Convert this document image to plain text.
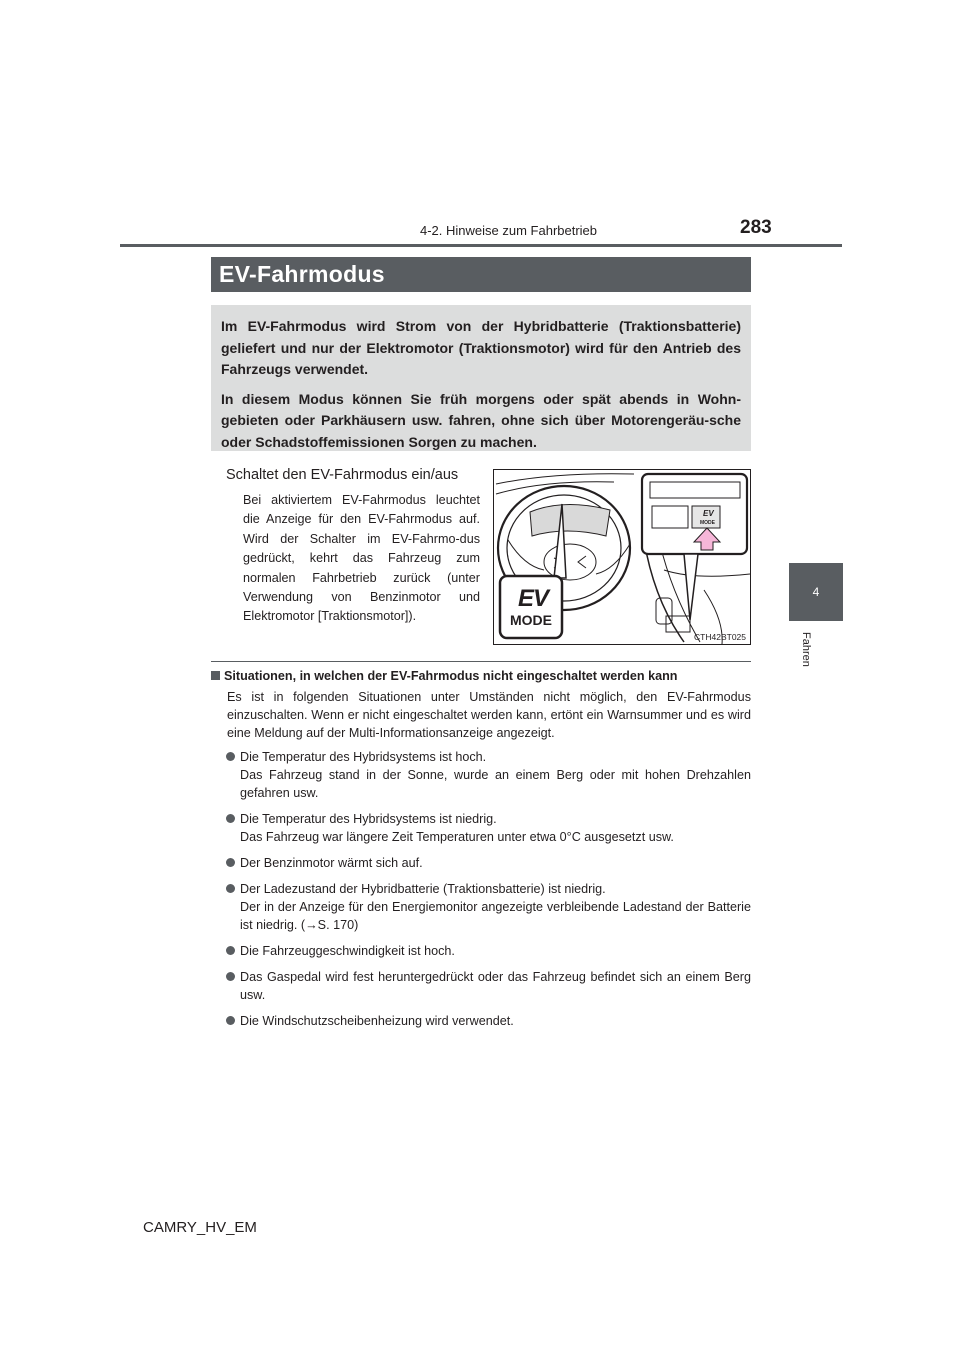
4-2. Hinweise zum Fahrbetrieb	283
4
Fahren
EV-Fahrmodus

Im EV-Fahrmodus wird Strom von der Hybridbatterie (Traktionsbatterie) geliefert und nur der Elektromotor (Traktionsmotor) wird für den Antrieb des Fahrzeugs verwendet.

In diesem Modus können Sie früh morgens oder spät abends in Wohn-gebieten oder Parkhäusern usw. fahren, ohne sich über Motorengeräu-sche oder Schadstoffemissionen Sorgen zu machen.

Schaltet den EV-Fahrmodus ein/aus
Bei aktiviertem EV-Fahrmodus leuchtet die Anzeige für den EV-Fahrmodus auf. Wird der Schalter im EV-Fahrmo-dus gedrückt, kehrt das Fahrzeug zum normalen Fahrbetrieb zurück (unter Verwendung von Benzinmotor und Elektromotor [Traktionsmotor]).
EV
MODE
EV
MODE
CTH42BT025
Situationen, in welchen der EV-Fahrmodus nicht eingeschaltet werden kann
Es ist in folgenden Situationen unter Umständen nicht möglich, den EV-Fahrmodus einzuschalten. Wenn er nicht eingeschaltet werden kann, ertönt ein Warnsummer und es wird eine Meldung auf der Multi-Informationsanzeige angezeigt.
Die Temperatur des Hybridsystems ist hoch.
Das Fahrzeug stand in der Sonne, wurde an einem Berg oder mit hohen Drehzahlen gefahren usw.
Die Temperatur des Hybridsystems ist niedrig.
Das Fahrzeug war längere Zeit Temperaturen unter etwa 0°C ausgesetzt usw.
Der Benzinmotor wärmt sich auf.
Der Ladezustand der Hybridbatterie (Traktionsbatterie) ist niedrig.
Der in der Anzeige für den Energiemonitor angezeigte verbleibende Ladestand der Batterie ist niedrig. (→S. 170)
Die Fahrzeuggeschwindigkeit ist hoch.
Das Gaspedal wird fest heruntergedrückt oder das Fahrzeug befindet sich an einem Berg usw.
Die Windschutzscheibenheizung wird verwendet.
CAMRY_HV_EM
